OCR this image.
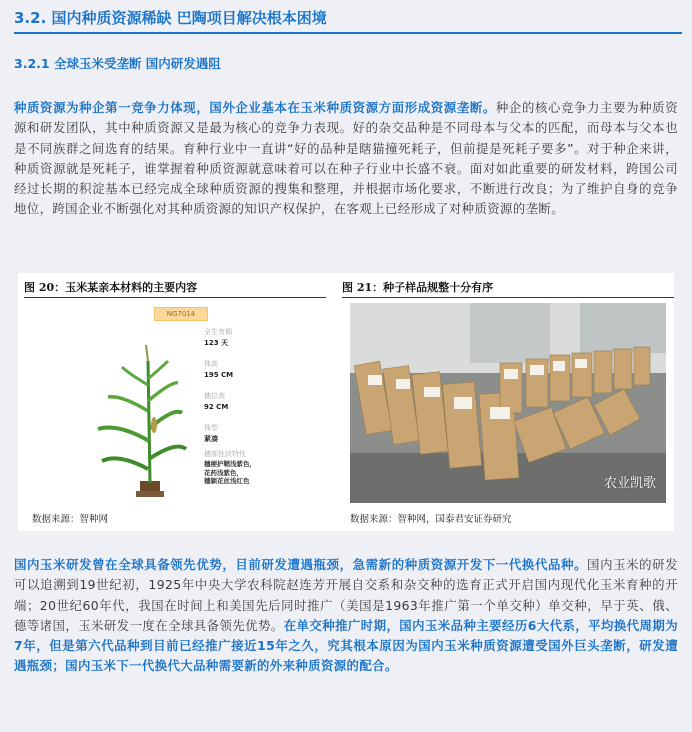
3.2. 国内种质资源稀缺 巴陶项目解决根本困境
3.2.1 全球玉米受垄断 国内研发遇阻
种质资源为种企第一竞争力体现，国外企业基本在玉米种质资源方面形成资源垄断。种企的核心竞争力主要为种质资源和研发团队，其中种质资源又是最为核心的竞争力表现。好的杂交品种是不同母本与父本的匹配，而母本与父本也是不同族群之间选育的结果。育种行业中一直讲“好的品种是瞎猫撞死耗子，但前提是死耗子要多”。对于种企来讲，种质资源就是死耗子，谁掌握着种质资源就意味着可以在种子行业中长盛不衰。面对如此重要的研发材料，跨国公司经过长期的积淀基本已经完成全球种质资源的搜集和整理，并根据市场化要求，不断进行改良；为了维护自身的竞争地位，跨国企业不断强化对其种质资源的知识产权保护，在客观上已经形成了对种质资源的垄断。
图 20：玉米某亲本材料的主要内容
NG7014
全生育期
123 天
株高
195 CM
穗位高
92 CM
株型
紧凑
穗部性状特性
穗梗护鞘浅紫色，
花药浅紫色，
穗颖花丝浅红色
数据来源：智种网
图 21：种子样品规整十分有序
农业凯歌
数据来源：智种网，国泰君安证券研究
国内玉米研发曾在全球具备领先优势，目前研发遭遇瓶颈，急需新的种质资源开发下一代换代品种。国内玉米的研发可以追溯到19世纪初，1925年中央大学农科院赵连芳开展自交系和杂交种的选育正式开启国内现代化玉米育种的开端；20世纪60年代，我国在时间上和美国先后同时推广（美国是1963年推广第一个单交种）单交种，早于英、俄、德等诸国，玉米研发一度在全球具备领先优势。在单交种推广时期，国内玉米品种主要经历6大代系，平均换代周期为7年，但是第六代品种到目前已经推广接近15年之久，究其根本原因为国内玉米种质资源遭受国外巨头垄断，研发遭遇瓶颈；国内玉米下一代换代大品种需要新的外来种质资源的配合。
